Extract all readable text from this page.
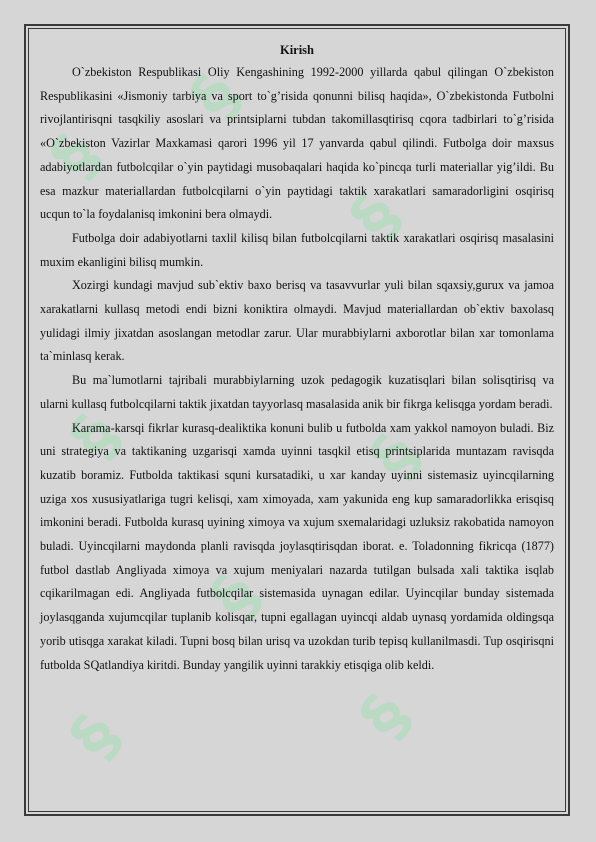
§
§
§
§	§
§
§	§
Kirish

O`zbekiston Respublikasi Oliy Kengashining 1992-2000 yillarda qabul qilingan O`zbekiston Respublikasini «Jismoniy tarbiya va sport to`g’risida qonunni bilisq haqida», O`zbekistonda Futbolni rivojlantirisqni tasqkiliy asoslari va printsiplarni tubdan takomillasqtirisq cqora tadbirlari to`g’risida «O`zbekiston Vazirlar Maxkamasi qarori 1996 yil 17 yanvarda qabul qilindi. Futbolga doir maxsus adabiyotlardan futbolcqilar o`yin paytidagi musobaqalari haqida ko`pincqa turli materiallar yig’ildi. Bu esa mazkur materiallardan futbolcqilarni o`yin paytidagi taktik xarakatlari samaradorligini osqirisq ucqun to`la foydalanisq imkonini bera olmaydi.

Futbolga doir adabiyotlarni taxlil kilisq bilan futbolcqilarni taktik xarakatlari osqirisq masalasini muxim ekanligini bilisq mumkin.

Xozirgi kundagi mavjud sub`ektiv baxo berisq va tasavvurlar yuli bilan sqaxsiy,gurux va jamoa xarakatlarni kullasq metodi endi bizni koniktira olmaydi. Mavjud materiallardan ob`ektiv baxolasq yulidagi ilmiy jixatdan asoslangan metodlar zarur. Ular murabbiylarni axborotlar bilan xar tomonlama ta`minlasq kerak.

Bu ma`lumotlarni tajribali murabbiylarning uzok pedagogik kuzatisqlari bilan solisqtirisq va ularni kullasq futbolcqilarni taktik jixatdan tayyorlasq masalasida anik bir fikrga kelisqga yordam beradi.

Karama-karsqi fikrlar kurasq-dealiktika konuni bulib u futbolda xam yakkol namoyon buladi. Biz uni strategiya va taktikaning uzgarisqi xamda uyinni tasqkil etisq printsiplarida muntazam ravisqda kuzatib boramiz. Futbolda taktikasi squni kursatadiki, u xar kanday uyinni sistemasiz uyincqilarning uziga xos xususiyatlariga tugri kelisqi, xam ximoyada, xam yakunida eng kup samaradorlikka erisqisq imkonini beradi. Futbolda kurasq uyining ximoya va xujum sxemalaridagi uzluksiz rakobatida namoyon buladi. Uyincqilarni maydonda planli ravisqda joylasqtirisqdan iborat. e. Toladonning fikricqa (1877) futbol dastlab Angliyada ximoya va xujum meniyalari nazarda tutilgan bulsada xali taktika isqlab cqikarilmagan edi. Angliyada futbolcqilar sistemasida uynagan edilar. Uyincqilar bunday sistemada joylasqganda xujumcqilar tuplanib kolisqar, tupni egallagan uyincqi aldab uynasq yordamida oldingsqa yorib utisqga xarakat kiladi. Tupni bosq bilan urisq va uzokdan turib tepisq kullanilmasdi. Tup osqirisqni futbolda SQatlandiya kiritdi. Bunday yangilik uyinni tarakkiy etisqiga olib keldi.
